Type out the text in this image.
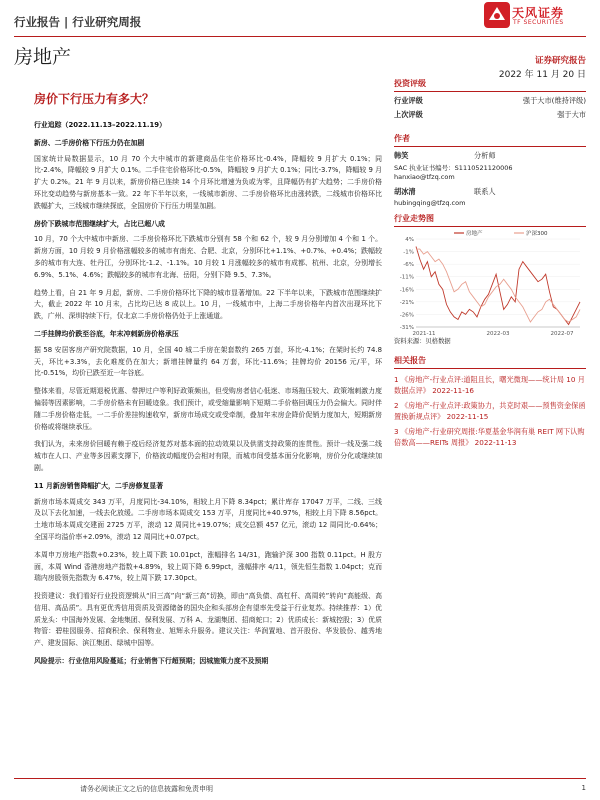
行业报告 | 行业研究周报
天风证券
TF SECURITIES
房地产	证券研究报告
2022 年 11 月 20 日
房价下行压力有多大？
行业追踪（2022.11.13–2022.11.19）
新房、二手房价格下行压力仍在加剧

国家统计局数据显示，10 月 70 个大中城市的新建商品住宅价格环比-0.4%，降幅较 9 月扩大 0.1%；同比-2.4%，降幅较 9 月扩大 0.1%。二手住宅价格环比-0.5%，降幅较 9 月扩大 0.1%；同比-3.7%，降幅较 9 月扩大 0.2%。21 年 9 月以来，新房价格已连续 14 个月环比增速为负或为零，且降幅仍有扩大趋势；二手房价格环比变动趋势与新房基本一致。22 年下半年以来，一线城市新房、二手房价格环比由涨转跌，二线城市价格环比跌幅扩大，三线城市继续探底，全国房价下行压力明显加剧。

房价下跌城市范围继续扩大，占比已超八成

10 月，70 个大中城市中新房、二手房价格环比下跌城市分别有 58 个和 62 个，较 9 月分别增加 4 个和 1 个。新房方面，10 月较 9 月价格涨幅较多的城市有南充、合肥、北京，分别环比+1.1%、+0.7%、+0.4%；跌幅较多的城市有大连、牡丹江，分别环比-1.2、-1.1%。10 月较 1 月涨幅较多的城市有成都、杭州、北京，分别增长 6.9%、5.1%、4.6%；跌幅较多的城市有北海、岳阳，分别下降 9.5、7.3%。

趋势上看，自 21 年 9 月起，新房、二手房价格环比下降的城市显著增加。22 下半年以来，下跌城市范围继续扩大，截止 2022 年 10 月末，占比均已达 8 成以上。10 月，一线城市中，上海二手房价格年内首次出现环比下跌，广州、深圳持续下行，仅北京二手房价格仍处于上涨通道。

二手挂牌均价跌至谷底，年末冲刺新房价格承压

据 58 安居客房产研究院数据，10 月，全国 40 城二手房在架套数约 265 万套，环比-4.1%；在架时长约 74.8 天，环比+3.3%，去化难度仍在加大；新增挂牌量约 64 万套，环比-11.6%；挂牌均价 20156 元/平，环比-0.51%，均价已跌至近一年谷底。

整体来看，尽管近期退税优惠、带押过户等利好政策频出，但受购房者信心低迷、市场拖压较大、政策端刺激力度偏弱等因素影响，二手房价格未有回暖迹象。我们预计，或受缩量影响下短期二手价格回调压力仍会偏大。同时伴随二手房价格走低，一二手价差挂钩速收窄，新房市场成交或受牵制，叠加年末房企降价促销力度加大，短期新房价格或将继续承压。

我们认为，未来房价回暖有赖于疫后经济复苏对基本面的拉动效果以及供需支持政策的连贯性。预计一线及强二线城市在人口、产业等多因素支撑下，价格波动幅度仍会相对有限，而城市间受基本面分化影响，房价分化或继续加剧。

11 月新房销售降幅扩大，二手房修复显著

新房市场本周成交 343 万平，月度同比-34.10%，相较上月下降 8.34pct；累计库存 17047 万平，二线、三线及以下去化加速，一线去化放缓。二手房市场本周成交 153 万平，月度同比+40.97%，相较上月下降 8.56pct。土地市场本周成交建面 2725 万平，滚动 12 周同比+19.07%；成交总额 457 亿元，滚动 12 周同比-0.64%；全国平均溢价率+2.09%，滚动 12 周同比+0.07pct。

本周申万房地产指数+0.23%，较上周下跌 10.01pct，涨幅排名 14/31，跑输沪深 300 指数 0.11pct。H 股方面，本周 Wind 香港房地产指数+4.89%，较上周下降 6.99pct，涨幅排序 4/11，领先恒生指数 1.04pct；克而瑞内房股领先指数为 6.47%，较上周下跌 17.30pct。

投资建议：我们看好行业投资逻辑从“旧三高”向“新三高”切换，即由“高负债、高杠杆、高周转”转向“高能级、高信用、高品质”。具有更优秀信用资质及资源储备的国央企和头部房企有望率先受益于行业复苏。持续推荐：1）优质龙头：中国海外发展、金地集团、保利发展、万科 A、龙湖集团、招商蛇口；2）优质成长：新城控股；3）优质物管：碧桂园服务、招商积余、保利物业、旭辉永升服务。建议关注：华润置地、首开股份、华发股份、越秀地产、建发国际、滨江集团、绿城中国等。

风险提示：行业信用风险蔓延；行业销售下行超预期；因城施策力度不及预期

投资评级
行业评级	强于大市(维持评级)
上次评级	强于大市
作者
韩笑	分析师
SAC 执业证书编号：S1110521120006
hanxiao@tfzq.com
胡冰清	联系人
hubingqing@tfzq.com
行业走势图
4%
-1%
-6%
-11%
-16%
-21%
-26%
-31%
2021-11	2022-03	2022-07
房地产	沪深300
资料来源：贝格数据
相关报告
1 《房地产-行业点评:道阻且长，曙光微现——统计局 10 月数据点评》 2022-11-16
2 《房地产-行业点评:政策协力，共克时艰——预售资金保函置换新规点评》 2022-11-15
3 《房地产-行业研究周报:华夏基金华润有巢 REIT 网下认购倍数高——REITs 周报》 2022-11-13
请务必阅读正文之后的信息披露和免责申明	1
